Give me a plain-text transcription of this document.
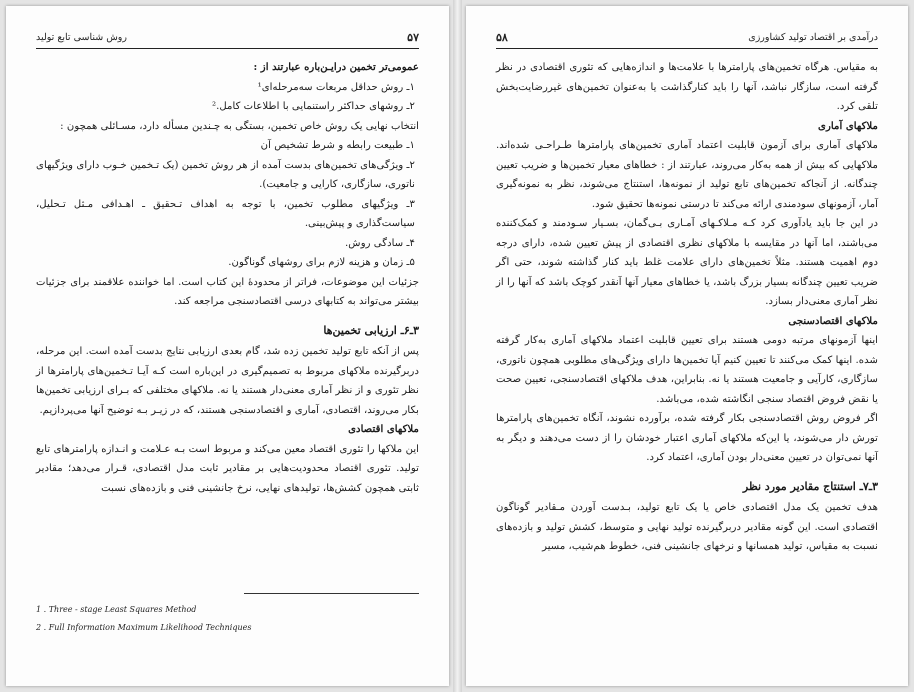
روش شناسی تابع تولید	۵۷

عمومی‌تر تخمین درایـن‌باره عبارتند از :

۱ـ روش حداقل مربعات سه‌مرحله‌ای¹

۲ـ روشهای حداکثر راستنمایی با اطلاعات کامل.²

انتخاب نهایی یک روش خاص تخمین، بستگی به چـندین مسأله دارد، مسـائلی همچون :

۱ـ طبیعت رابطه و شرط تشخیص آن

۲ـ ویژگی‌های تخمین‌های بدست آمده از هر روش تخمین (یک تـخمین خـوب دارای ویژگیهای ناتوری، سازگاری، کارایی و جامعیت).

۳ـ ویژگیهای مطلوب تخمین، با توجه به اهداف تـحقیق ـ اهـدافی مـثل تـحلیل، سیاست‌گذاری و پیش‌بینی.

۴ـ سادگی روش.

۵ـ زمان و هزینه لازم برای روشهای گوناگون.

جزئیات این موضوعات، فراتر از محدودهٔ این کتاب است. اما خواننده علاقمند برای جزئیات بیشتر می‌تواند به کتابهای درسی اقتصادسنجی مراجعه کند.

۳ـ۶ـ ارزیابی تخمین‌ها

پس از آنکه تابع تولید تخمین زده شد، گام بعدی ارزیابی نتایج بدست آمده است. این مرحله، دربرگیرنده ملاکهای مربوط به تصمیم‌گیری در این‌باره است کـه آیـا تـخمین‌های پارامترها از نظر تئوری و از نظر آماری معنی‌دار هستند یا نه. ملاکهای مختلفی که بـرای ارزیابی تخمین‌ها بکار می‌روند، اقتصادی، آماری و اقتصادسنجی هستند، که در زیـر بـه توضیح آنها می‌پردازیم.

ملاکهای اقتصادی

این ملاکها را تئوری اقتصاد معین می‌کند و مربوط است بـه عـلامت و انـدازه پارامترهای تابع تولید. تئوری اقتصاد محدودیت‌هایی بر مقادیر ثابت مدل اقتصادی، قـرار می‌دهد؛ مقادیر ثابتی همچون کشش‌ها، تولیدهای نهایی، نرخ جانشینی فنی و بازده‌های نسبت

1 . Three - stage Least Squares Method

2 . Full Information Maximum Likelihood Techniques

۵۸	درآمدی بر اقتصاد تولید کشاورزی

به مقیاس. هرگاه تخمین‌های پارامترها با علامت‌ها و اندازه‌هایی که تئوری اقتصادی در نظر گرفته است، سازگار نباشد، آنها را باید کنارگذاشت یا به‌عنوان تخمین‌های غیررضایت‌بخش تلقی کرد.

ملاکهای آماری

ملاکهای آماری برای آزمون قابلیت اعتماد آماری تخمین‌های پارامترها طـراحـی شده‌اند. ملاکهایی که بیش از همه به‌کار می‌روند، عبارتند از : خطاهای معیار تخمین‌ها و ضریب تعیین چندگانه. از آنجاکه تخمین‌های تابع تولید از نمونه‌ها، استنتاج می‌شوند، نظر به نمونه‌گیری آمار، آزمونهای سودمندی ارائه می‌کند تا درستی نمونه‌ها تحقیق شود.

در این جا باید یادآوری کرد کـه مـلاکـهای آمـاری بـی‌گمان، بسـیار سـودمند و کمک‌کننده می‌باشند، اما آنها در مقایسه با ملاکهای نظری اقتصادی از پیش تعیین شده، دارای درجه دوم اهمیت هستند. مثلاً تخمین‌های دارای علامت غلط باید کنار گذاشته شوند، حتی اگر ضریب تعیین چندگانه بسیار بزرگ باشد، یا خطاهای معیار آنها آنقدر کوچک باشد که آنها را از نظر آماری معنی‌دار بسازد.

ملاکهای اقتصادسنجی

اینها آزمونهای مرتبه دومی هستند برای تعیین قابلیت اعتماد ملاکهای آماری به‌کار گرفته شده. اینها کمک می‌کنند تا تعیین کنیم آیا تخمین‌ها دارای ویژگی‌های مطلوبی همچون ناتوری، سازگاری، کارآیی و جامعیت هستند یا نه. بنابراین، هدف ملاکهای اقتصادسنجی، تعیین صحت یا نقض فروض اقتصاد سنجی انگاشته شده، می‌باشد.

اگر فروض روش اقتصادسنجی بکار گرفته شده، برآورده نشوند، آنگاه تخمین‌های پارامترها تورش دار می‌شوند، یا این‌که ملاکهای آماری اعتبار خودشان را از دست می‌دهند و دیگر به آنها نمی‌توان در تعیین معنی‌دار بودن آماری، اعتماد کرد.

۳ـ۷ـ استنتاج مقادیر مورد نظر

هدف تخمین یک مدل اقتصادی خاص یا یک تابع تولید، بـدست آوردن مـقادیر گوناگون اقتصادی است. این گونه مقادیر دربرگیرنده تولید نهایی و متوسط، کشش تولید و بازده‌های نسبت به مقیاس، تولید همسانها و نرخهای جانشینی فنی، خطوط هم‌شیب، مسیر
